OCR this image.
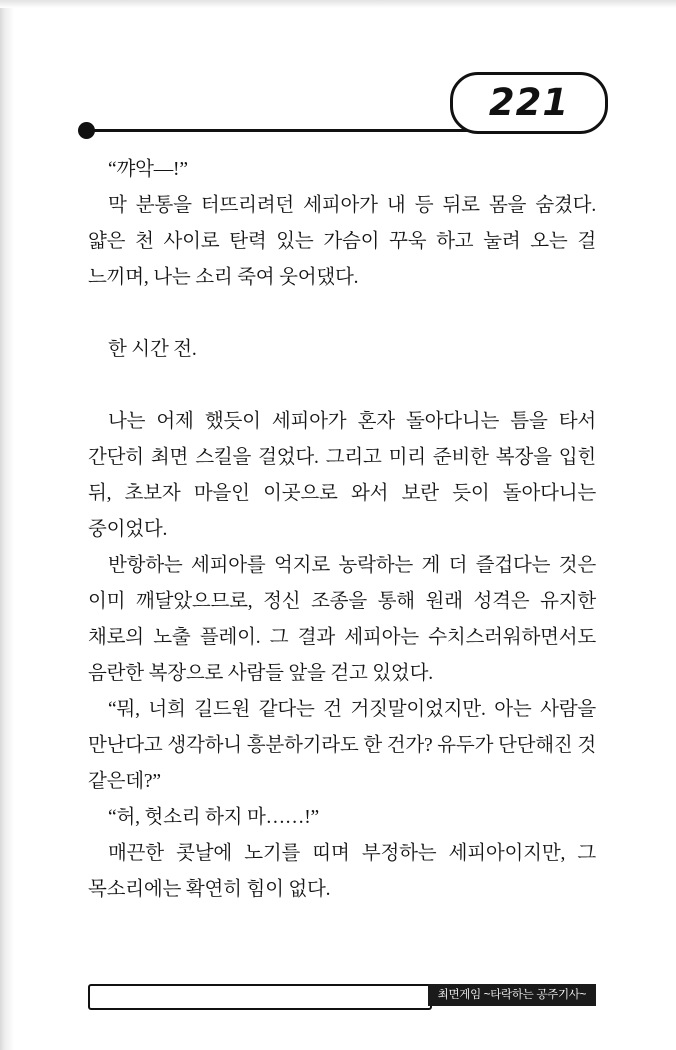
221

“꺄악―!”

막 분통을 터뜨리려던 세피아가 내 등 뒤로 몸을 숨겼다. 얇은 천 사이로 탄력 있는 가슴이 꾸욱 하고 눌려 오는 걸 느끼며, 나는 소리 죽여 웃어댔다.

한 시간 전.

나는 어제 했듯이 세피아가 혼자 돌아다니는 틈을 타서 간단히 최면 스킬을 걸었다. 그리고 미리 준비한 복장을 입힌 뒤, 초보자 마을인 이곳으로 와서 보란 듯이 돌아다니는 중이었다.

반항하는 세피아를 억지로 농락하는 게 더 즐겁다는 것은 이미 깨달았으므로, 정신 조종을 통해 원래 성격은 유지한 채로의 노출 플레이. 그 결과 세피아는 수치스러워하면서도 음란한 복장으로 사람들 앞을 걷고 있었다.

“뭐, 너희 길드원 같다는 건 거짓말이었지만. 아는 사람을 만난다고 생각하니 흥분하기라도 한 건가? 유두가 단단해진 것 같은데?”

“허, 헛소리 하지 마……!”

매끈한 콧날에 노기를 띠며 부정하는 세피아이지만, 그 목소리에는 확연히 힘이 없다.

최면게임 ~타락하는 공주기사~
